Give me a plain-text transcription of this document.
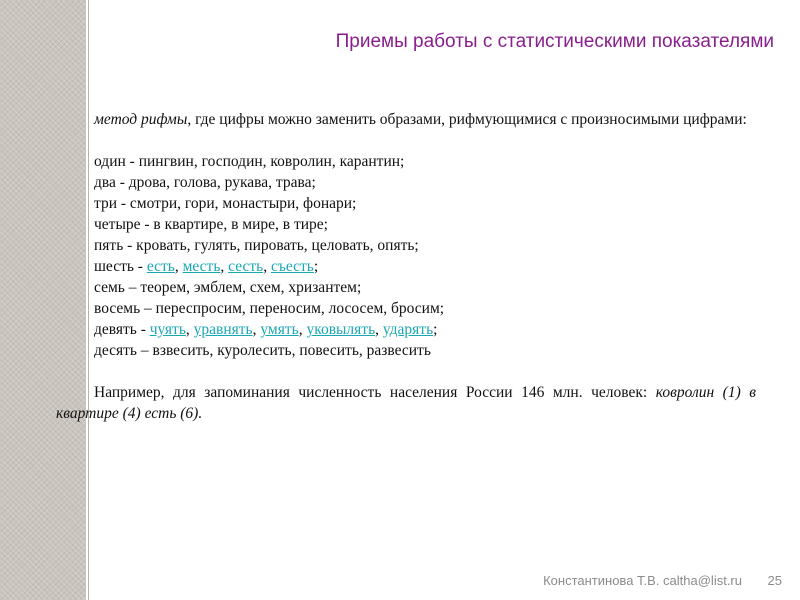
Приемы работы с статистическими показателями

метод рифмы, где цифры можно заменить образами, рифмующимися с произносимыми цифрами:

один - пингвин, господин, ковролин, карантин;
два - дрова, голова, рукава, трава;
три - смотри, гори, монастыри, фонари;
четыре - в квартире, в мире, в тире;
пять - кровать, гулять, пировать, целовать, опять;
шесть - есть, месть, сесть, съесть;
семь – теорем, эмблем, схем, хризантем;
восемь – переспросим, переносим, лососем, бросим;
девять - чуять, уравнять, умять, уковылять, ударять;
десять – взвесить, куролесить, повесить, развесить

Например, для запоминания численность населения России 146 млн. человек: ковролин (1) в квартире (4) есть (6).

Константинова Т.В. caltha@list.ru 25
